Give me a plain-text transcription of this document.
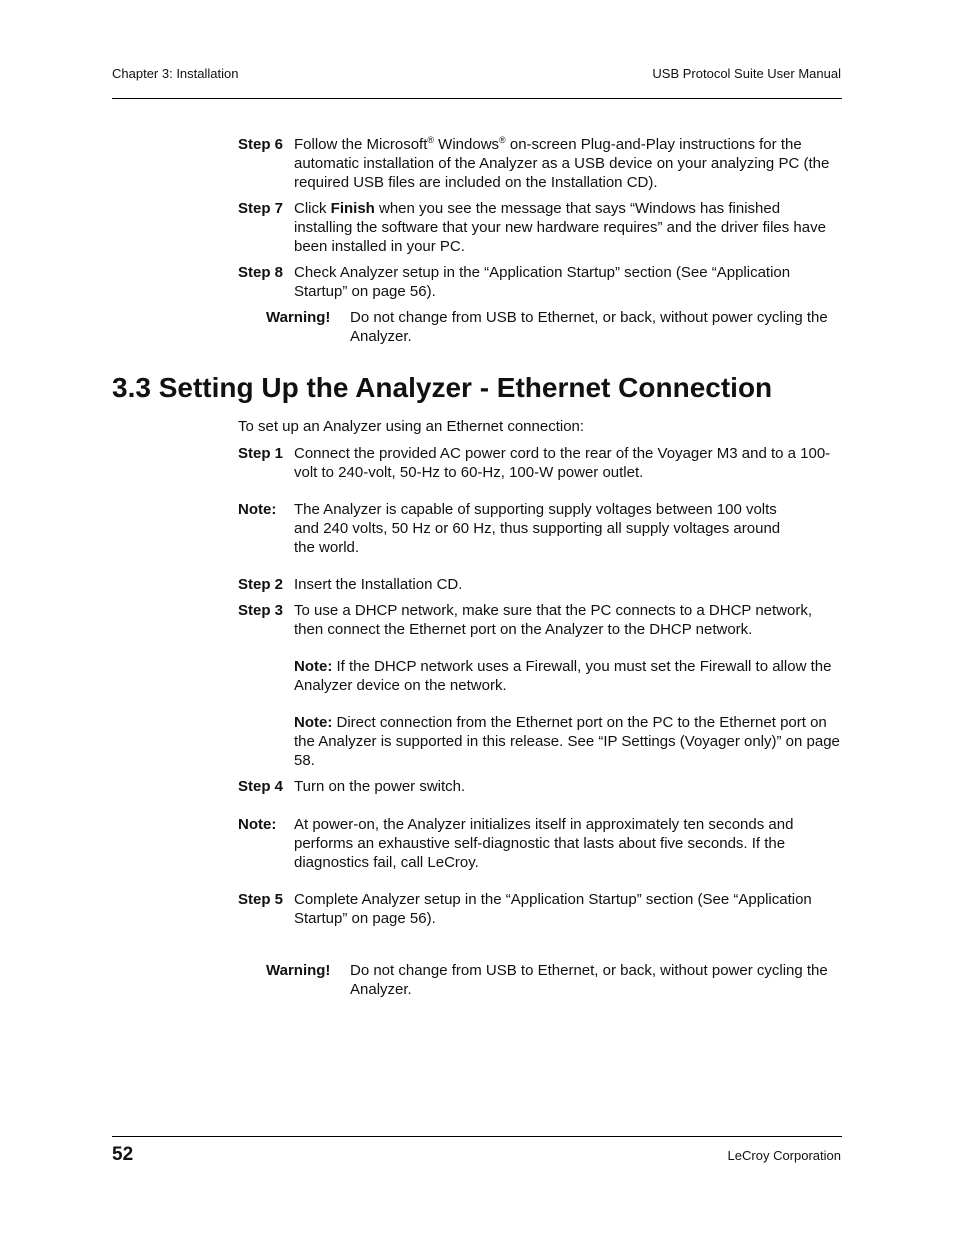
Chapter 3: Installation	USB Protocol Suite User Manual
Step 6 Follow the Microsoft® Windows® on-screen Plug-and-Play instructions for the automatic installation of the Analyzer as a USB device on your analyzing PC (the required USB files are included on the Installation CD).
Step 7 Click Finish when you see the message that says “Windows has finished installing the software that your new hardware requires” and the driver files have been installed in your PC.
Step 8 Check Analyzer setup in the “Application Startup” section (See “Application Startup” on page 56).
Warning! Do not change from USB to Ethernet, or back, without power cycling the Analyzer.
3.3 Setting Up the Analyzer - Ethernet Connection
To set up an Analyzer using an Ethernet connection:
Step 1 Connect the provided AC power cord to the rear of the Voyager M3 and to a 100-volt to 240-volt, 50-Hz to 60-Hz, 100-W power outlet.
Note: The Analyzer is capable of supporting supply voltages between 100 volts and 240 volts, 50 Hz or 60 Hz, thus supporting all supply voltages around the world.
Step 2 Insert the Installation CD.
Step 3 To use a DHCP network, make sure that the PC connects to a DHCP network, then connect the Ethernet port on the Analyzer to the DHCP network.
Note: If the DHCP network uses a Firewall, you must set the Firewall to allow the Analyzer device on the network.
Note: Direct connection from the Ethernet port on the PC to the Ethernet port on the Analyzer is supported in this release. See “IP Settings (Voyager only)” on page 58.
Step 4 Turn on the power switch.
Note: At power-on, the Analyzer initializes itself in approximately ten seconds and performs an exhaustive self-diagnostic that lasts about five seconds. If the diagnostics fail, call LeCroy.
Step 5 Complete Analyzer setup in the “Application Startup” section (See “Application Startup” on page 56).
Warning! Do not change from USB to Ethernet, or back, without power cycling the Analyzer.
52	LeCroy Corporation
